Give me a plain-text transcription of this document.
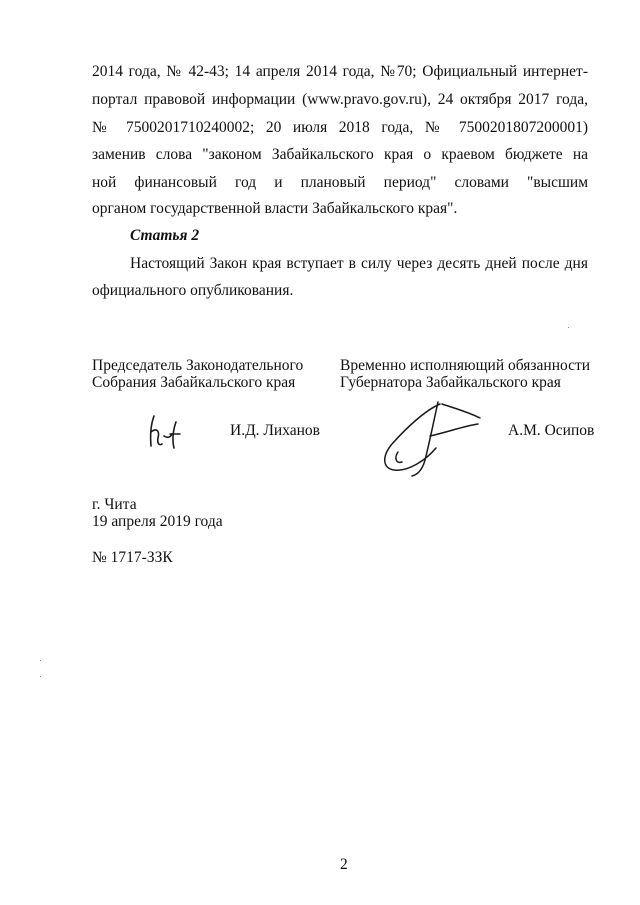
2014 года, № 42-43; 14 апреля 2014 года, №70; Официальный интернет-
портал правовой информации (www.pravo.gov.ru), 24 октября 2017 года,
№ 7500201710240002; 20 июля 2018 года, № 7500201807200001)
заменив слова "законом Забайкальского края о краевом бюджете на
ной финансовый год и плановый период" словами "высшим
органом государственной власти Забайкальского края".
Статья 2
Настоящий Закон края вступает в силу через десять дней после дня
официального опубликования.
Председатель Законодательного
Собрания Забайкальского края
Временно исполняющий обязанности
Губернатора Забайкальского края
И.Д. Лиханов	А.М. Осипов
г. Чита
19 апреля 2019 года
№ 1717-ЗЗК
2
